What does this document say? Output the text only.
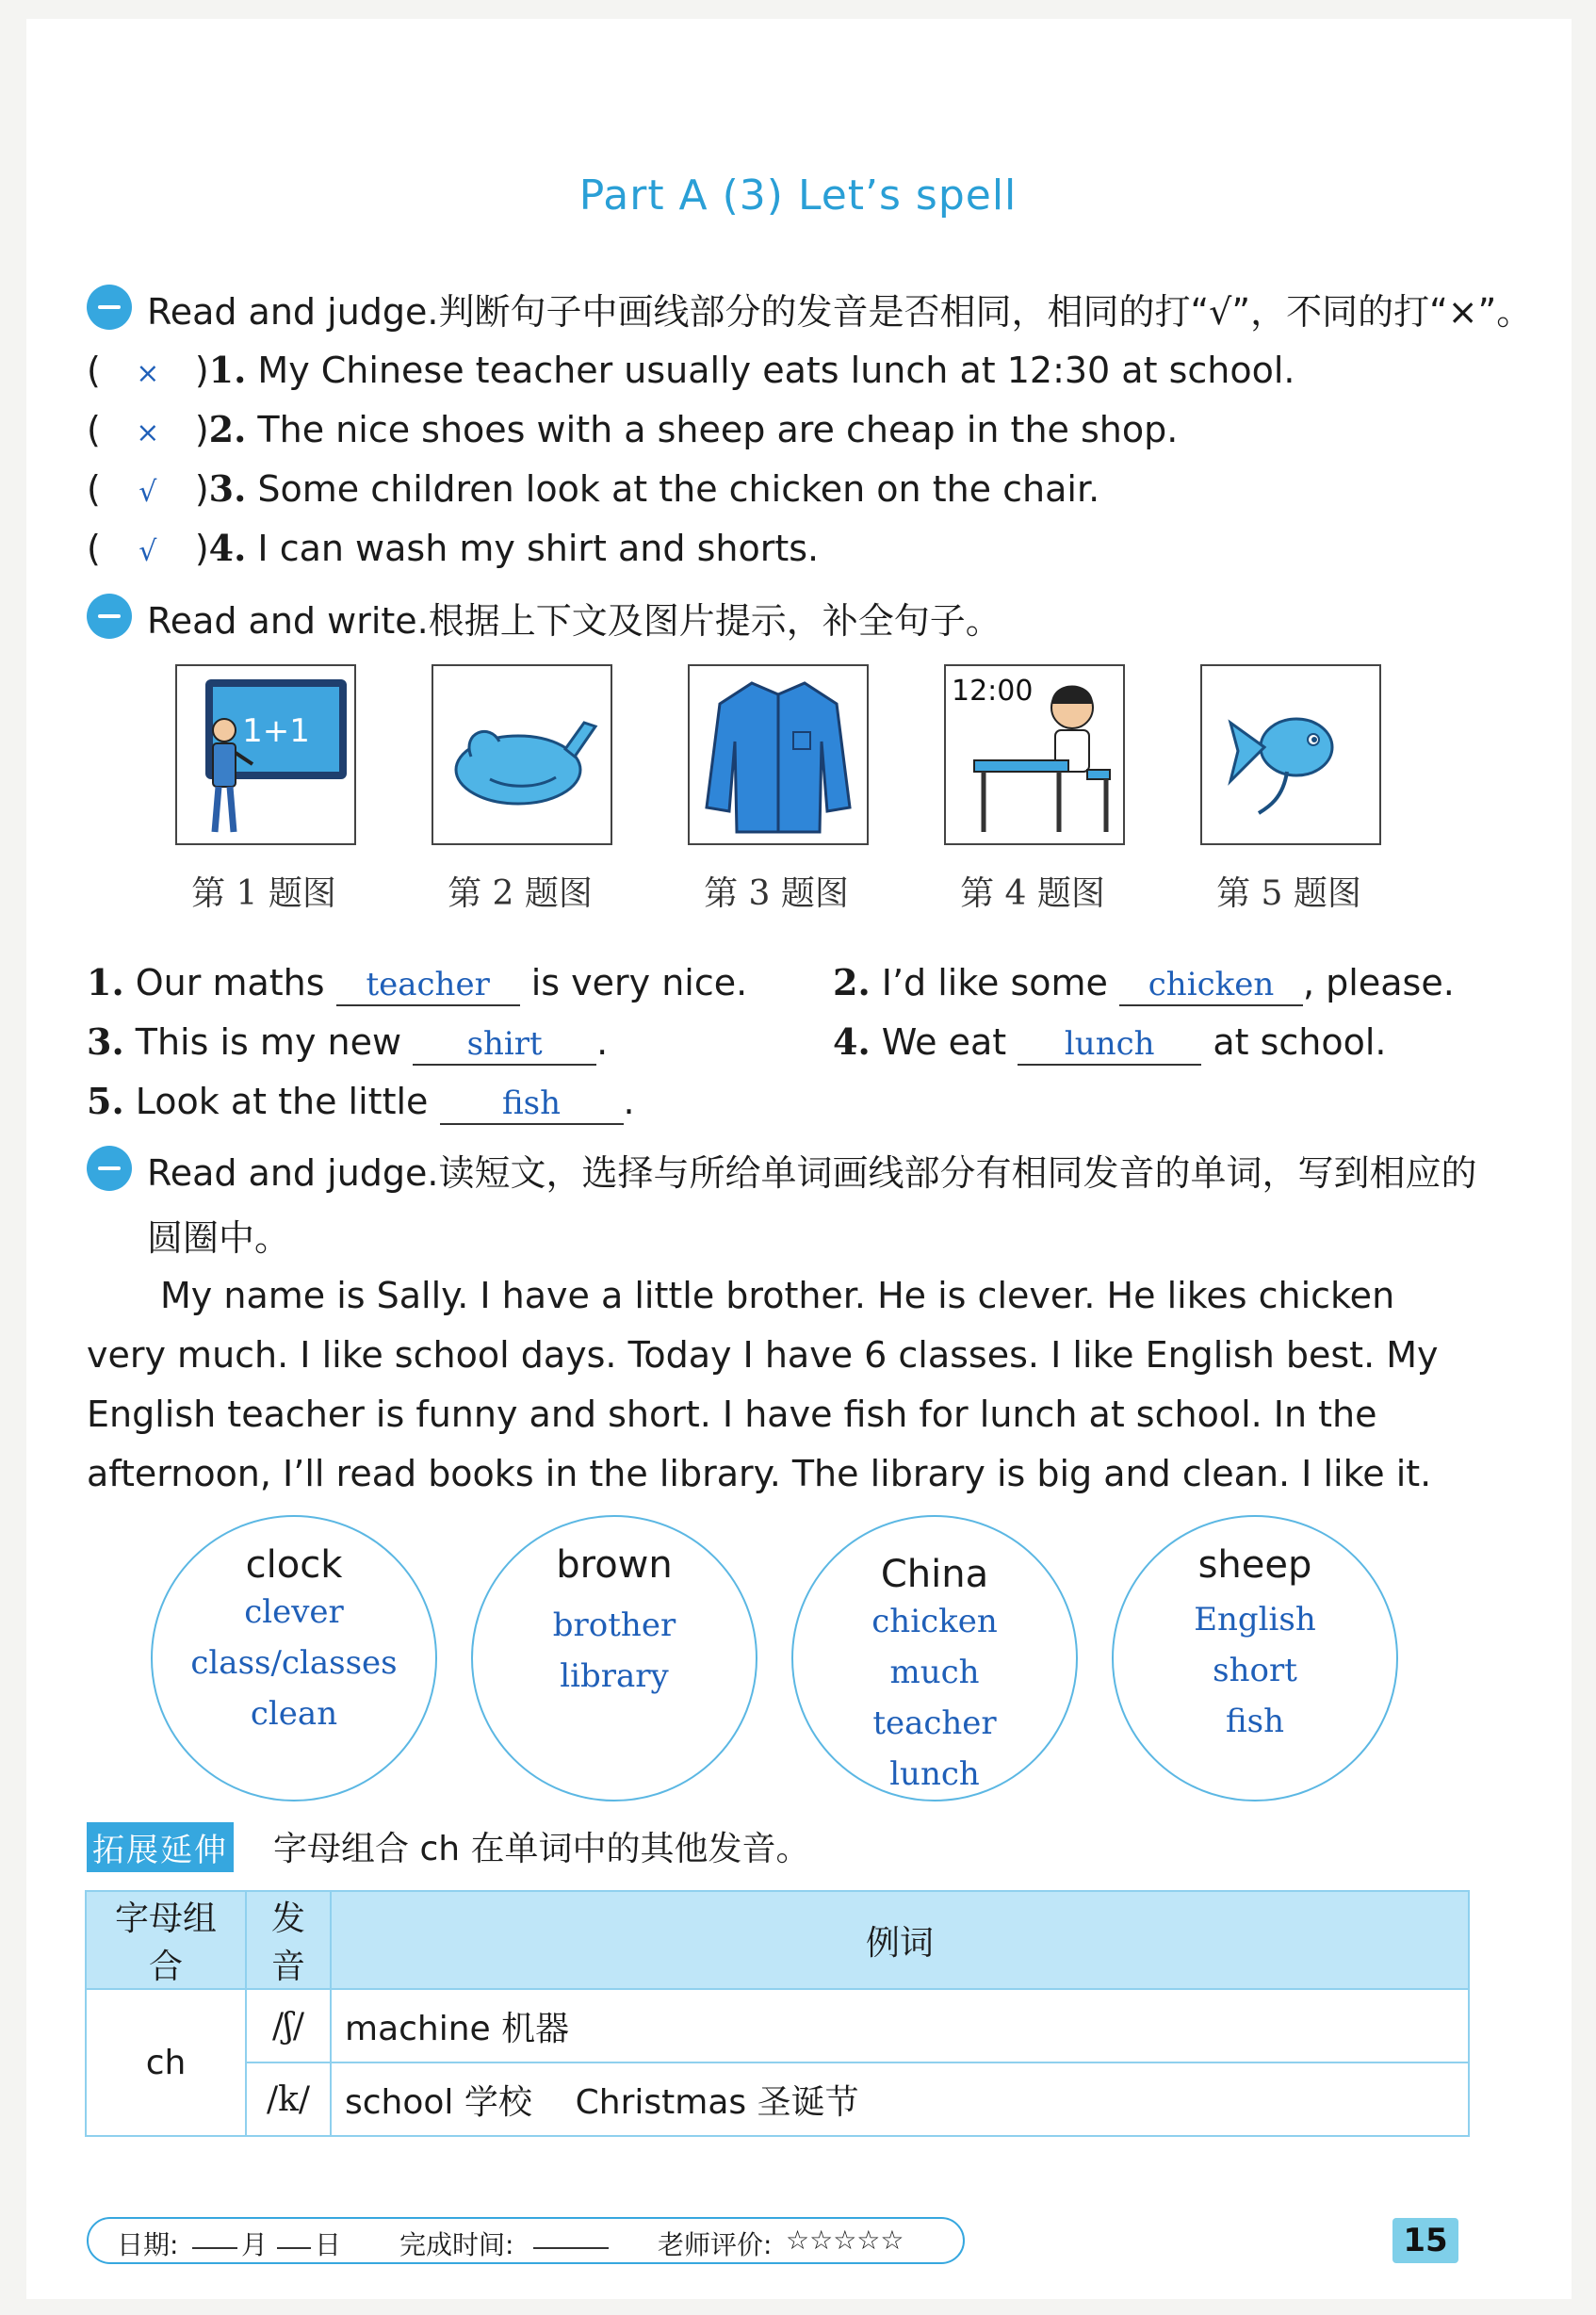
Part A (3) Let’s spell
Read and judge.判断句子中画线部分的发音是否相同，相同的打“√”，不同的打“×”。
( × )1. My Chinese teacher usually eats lunch at 12:30 at school.
( × )2. The nice shoes with a sheep are cheap in the shop.
( √ )3. Some children look at the chicken on the chair.
( √ )4. I can wash my shirt and shorts.
Read and write.根据上下文及图片提示，补全句子。
1+1
12:00
第 1 题图	第 2 题图	第 3 题图	第 4 题图	第 5 题图
1. Our maths teacher is very nice. 2. I’d like some chicken , please.
3. This is my new shirt .	4. We eat lunch at school.
5. Look at the little fish .
Read and judge.读短文，选择与所给单词画线部分有相同发音的单词，写到相应的
圆圈中。
My name is Sally. I have a little brother. He is clever. He likes chicken very much. I like school days. Today I have 6 classes. I like English best. My English teacher is funny and short. I have fish for lunch at school. In the afternoon, I’ll read books in the library. The library is big and clean. I like it.
clock
clever
class/classes
clean
brown
brother
library
China
chicken
much
teacher
lunch
sheep
English
short
fish
拓展延伸 字母组合 ch 在单词中的其他发音。
字母组合	发音	例词
ch	/ʃ/	machine 机器
	/k/	school 学校    Christmas 圣诞节
日期: 月 日 完成时间:	老师评价: ☆☆☆☆☆	15
